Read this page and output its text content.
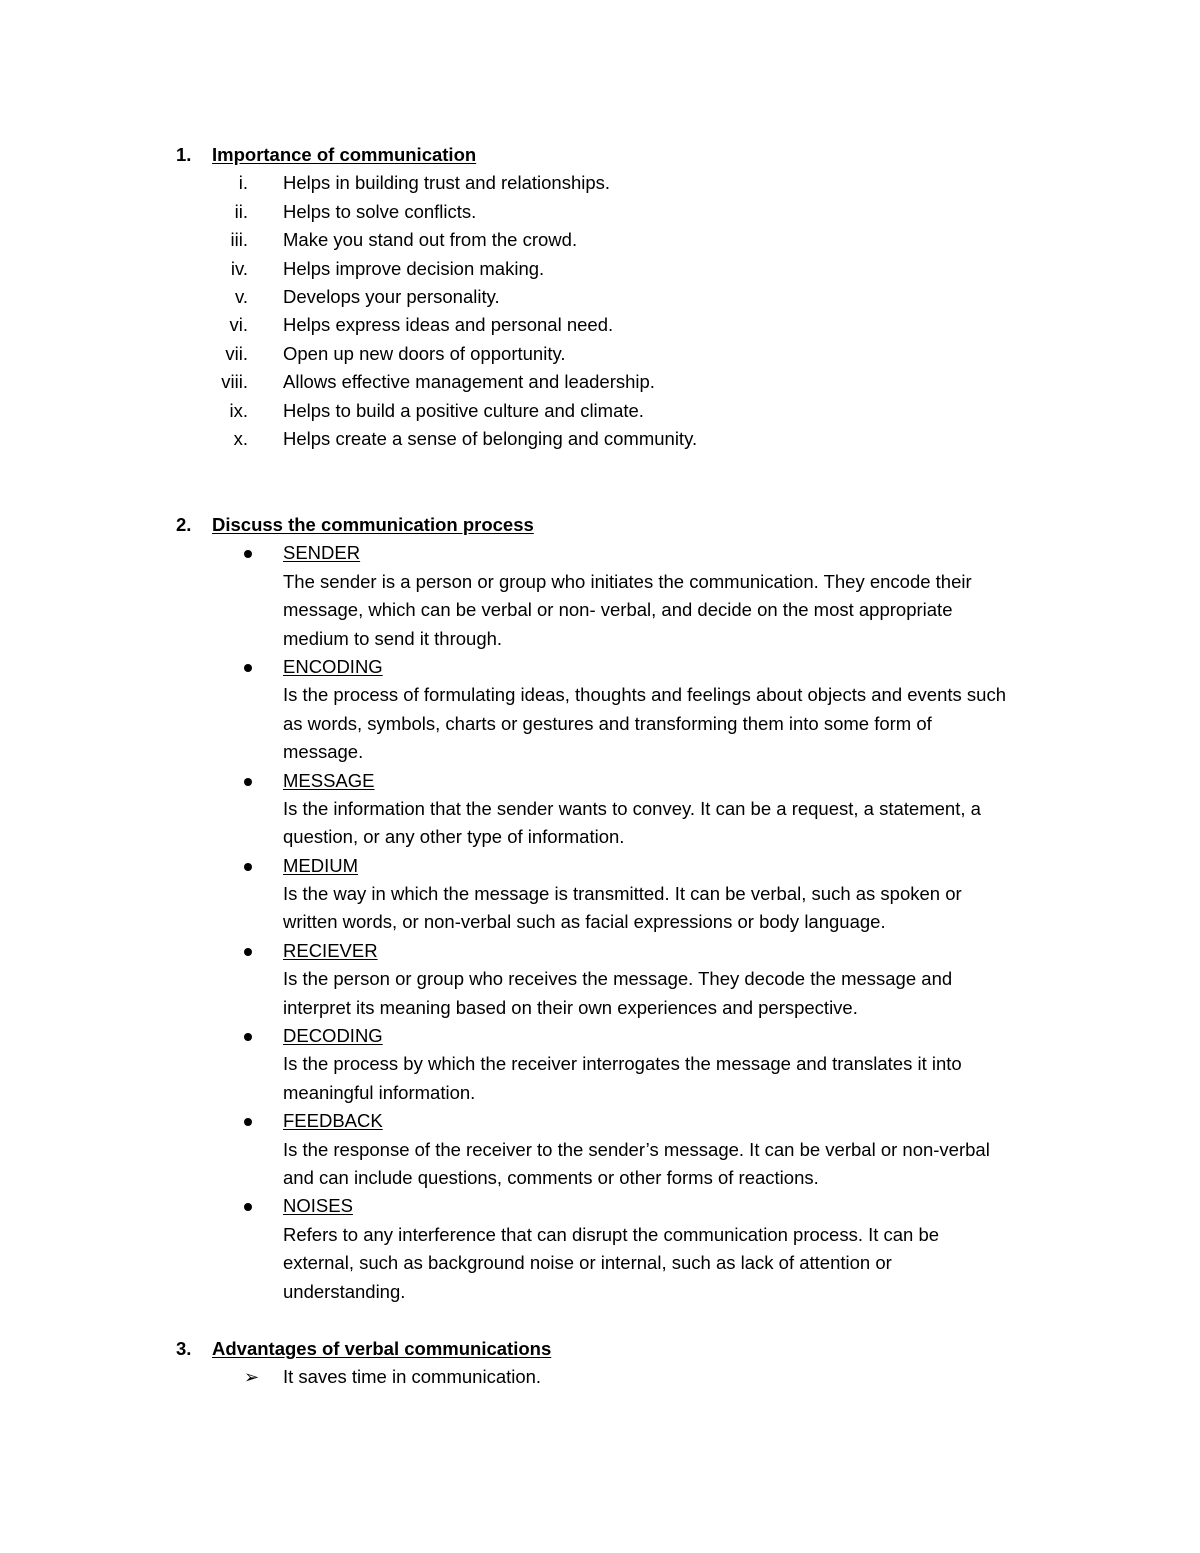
1.	Importance of communication
i. Helps in building trust and relationships.
ii. Helps to solve conflicts.
iii. Make you stand out from the crowd.
iv. Helps improve decision making.
v. Develops your personality.
vi. Helps express ideas and personal need.
vii. Open up new doors of opportunity.
viii. Allows effective management and leadership.
ix. Helps to build a positive culture and climate.
x. Helps create a sense of belonging and community.
2.	Discuss the communication process
SENDER
The sender is a person or group who initiates the communication. They encode their
message, which can be verbal or non- verbal, and decide on the most appropriate
medium to send it through.
ENCODING
Is the process of formulating ideas, thoughts and feelings about objects and events such
as words, symbols, charts or gestures and transforming them into some form of
message.
MESSAGE
Is the information that the sender wants to convey. It can be a request, a statement, a
question, or any other type of information.
MEDIUM
Is the way in which the message is transmitted. It can be verbal, such as spoken or
written words, or non-verbal such as facial expressions or body language.
RECIEVER
Is the person or group who receives the message. They decode the message and
interpret its meaning based on their own experiences and perspective.
DECODING
Is the process by which the receiver interrogates the message and translates it into
meaningful information.
FEEDBACK
Is the response of the receiver to the sender’s message. It can be verbal or non-verbal
and can include questions, comments or other forms of reactions.
NOISES
Refers to any interference that can disrupt the communication process. It can be
external, such as background noise or internal, such as lack of attention or
understanding.
3.	Advantages of verbal communications
➢ It saves time in communication.
